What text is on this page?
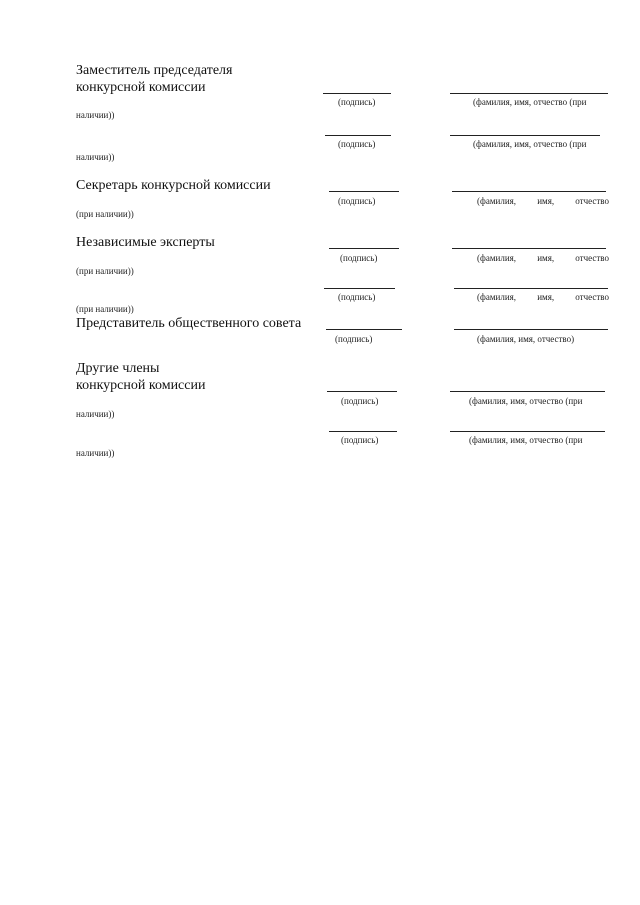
Заместитель председателя
конкурсной комиссии
(подпись)	(фамилия, имя, отчество (при
наличии))
(подпись)	(фамилия, имя, отчество (при
наличии))
Секретарь конкурсной комиссии
(подпись)	(фамилия, имя, отчество
(при наличии))
Независимые эксперты
(подпись)	(фамилия, имя, отчество
(при наличии))
(подпись)	(фамилия, имя, отчество
(при наличии))
Представитель общественного совета
(подпись)	(фамилия, имя, отчество)
Другие члены
конкурсной комиссии
(подпись)	(фамилия, имя, отчество (при
наличии))
(подпись)	(фамилия, имя, отчество (при
наличии))
